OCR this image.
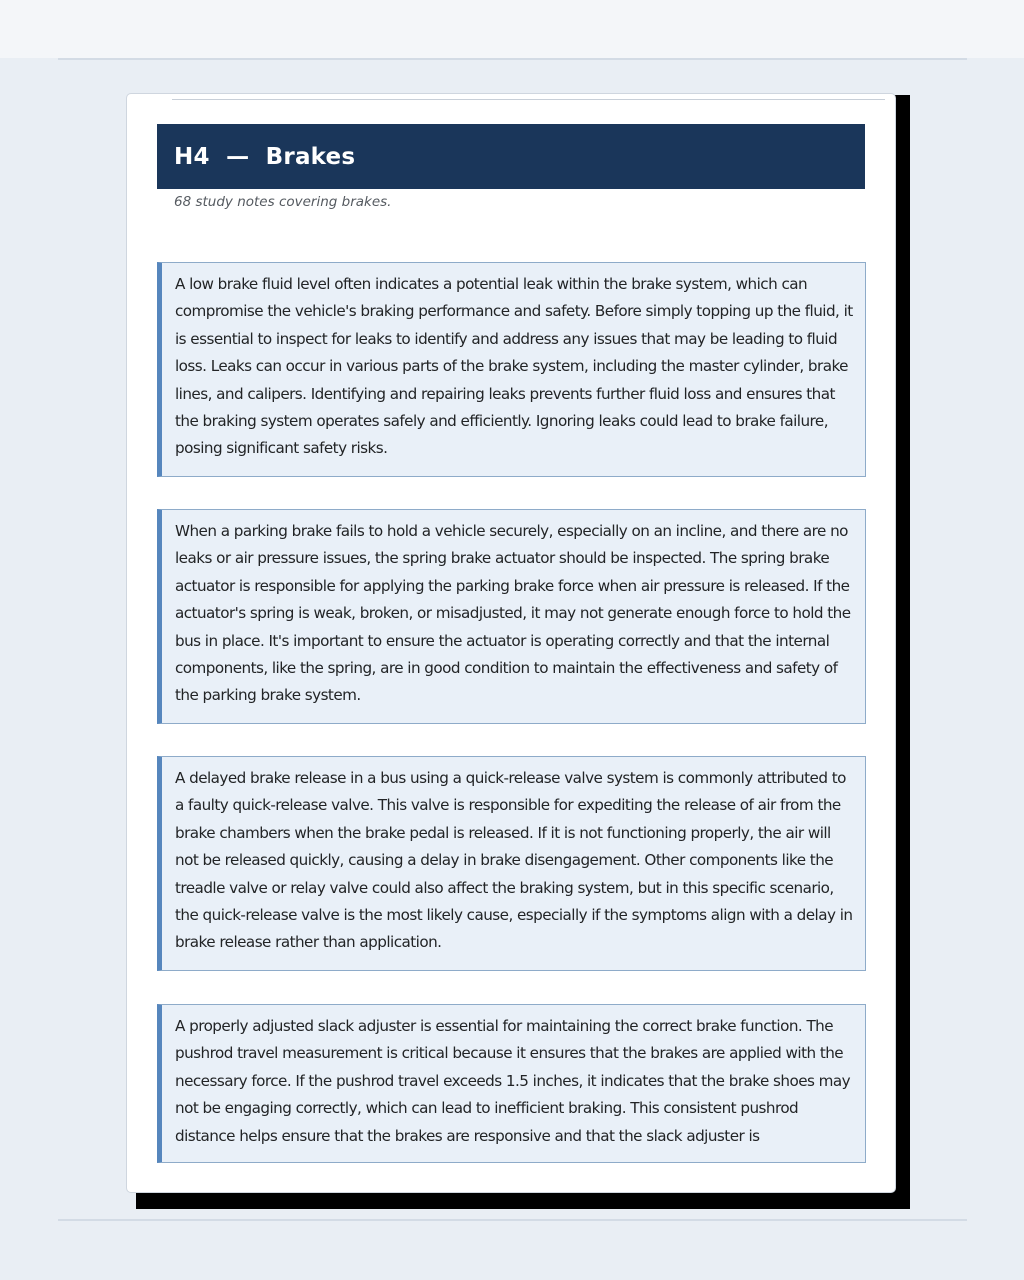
H4  —  Brakes
68 study notes covering brakes.

A low brake fluid level often indicates a potential leak within the brake system, which can compromise the vehicle's braking performance and safety. Before simply topping up the fluid, it is essential to inspect for leaks to identify and address any issues that may be leading to fluid loss. Leaks can occur in various parts of the brake system, including the master cylinder, brake lines, and calipers. Identifying and repairing leaks prevents further fluid loss and ensures that the braking system operates safely and efficiently. Ignoring leaks could lead to brake failure, posing significant safety risks.

When a parking brake fails to hold a vehicle securely, especially on an incline, and there are no leaks or air pressure issues, the spring brake actuator should be inspected. The spring brake actuator is responsible for applying the parking brake force when air pressure is released. If the actuator's spring is weak, broken, or misadjusted, it may not generate enough force to hold the bus in place. It's important to ensure the actuator is operating correctly and that the internal components, like the spring, are in good condition to maintain the effectiveness and safety of the parking brake system.

A delayed brake release in a bus using a quick-release valve system is commonly attributed to a faulty quick-release valve. This valve is responsible for expediting the release of air from the brake chambers when the brake pedal is released. If it is not functioning properly, the air will not be released quickly, causing a delay in brake disengagement. Other components like the treadle valve or relay valve could also affect the braking system, but in this specific scenario, the quick-release valve is the most likely cause, especially if the symptoms align with a delay in brake release rather than application.

A properly adjusted slack adjuster is essential for maintaining the correct brake function. The pushrod travel measurement is critical because it ensures that the brakes are applied with the necessary force. If the pushrod travel exceeds 1.5 inches, it indicates that the brake shoes may not be engaging correctly, which can lead to inefficient braking. This consistent pushrod distance helps ensure that the brakes are responsive and that the slack adjuster is
